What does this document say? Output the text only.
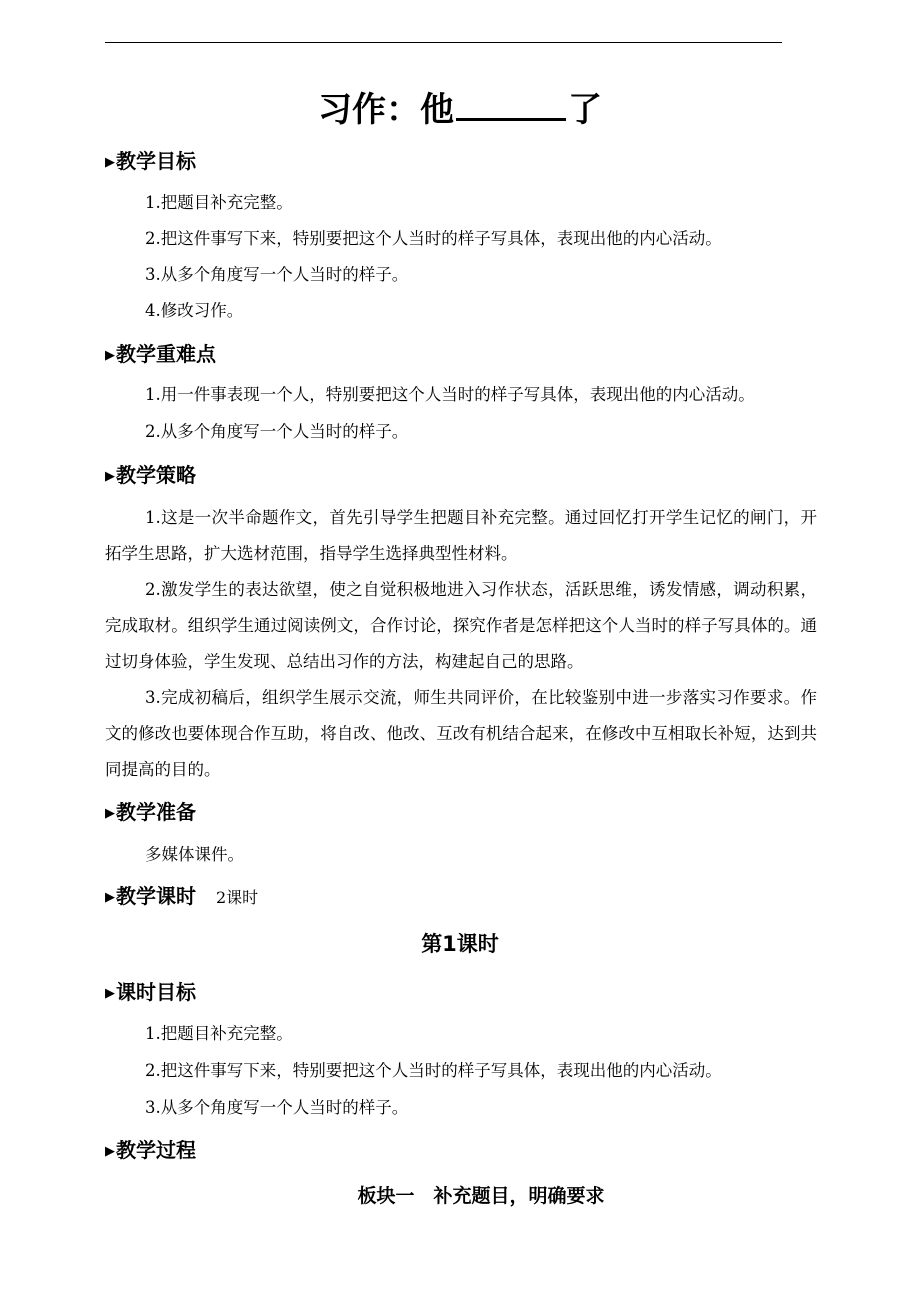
习作：他	了
▶教学目标
1.把题目补充完整。
2.把这件事写下来，特别要把这个人当时的样子写具体，表现出他的内心活动。
3.从多个角度写一个人当时的样子。
4.修改习作。
▶教学重难点
1.用一件事表现一个人，特别要把这个人当时的样子写具体，表现出他的内心活动。
2.从多个角度写一个人当时的样子。
▶教学策略
1.这是一次半命题作文，首先引导学生把题目补充完整。通过回忆打开学生记忆的闸门，开拓学生思路，扩大选材范围，指导学生选择典型性材料。
2.激发学生的表达欲望，使之自觉积极地进入习作状态，活跃思维，诱发情感，调动积累，完成取材。组织学生通过阅读例文，合作讨论，探究作者是怎样把这个人当时的样子写具体的。通过切身体验，学生发现、总结出习作的方法，构建起自己的思路。
3.完成初稿后，组织学生展示交流，师生共同评价，在比较鉴别中进一步落实习作要求。作文的修改也要体现合作互助，将自改、他改、互改有机结合起来，在修改中互相取长补短，达到共同提高的目的。
▶教学准备
多媒体课件。
▶教学课时 2课时
第1课时
▶课时目标
1.把题目补充完整。
2.把这件事写下来，特别要把这个人当时的样子写具体，表现出他的内心活动。
3.从多个角度写一个人当时的样子。
▶教学过程
板块一　补充题目，明确要求
